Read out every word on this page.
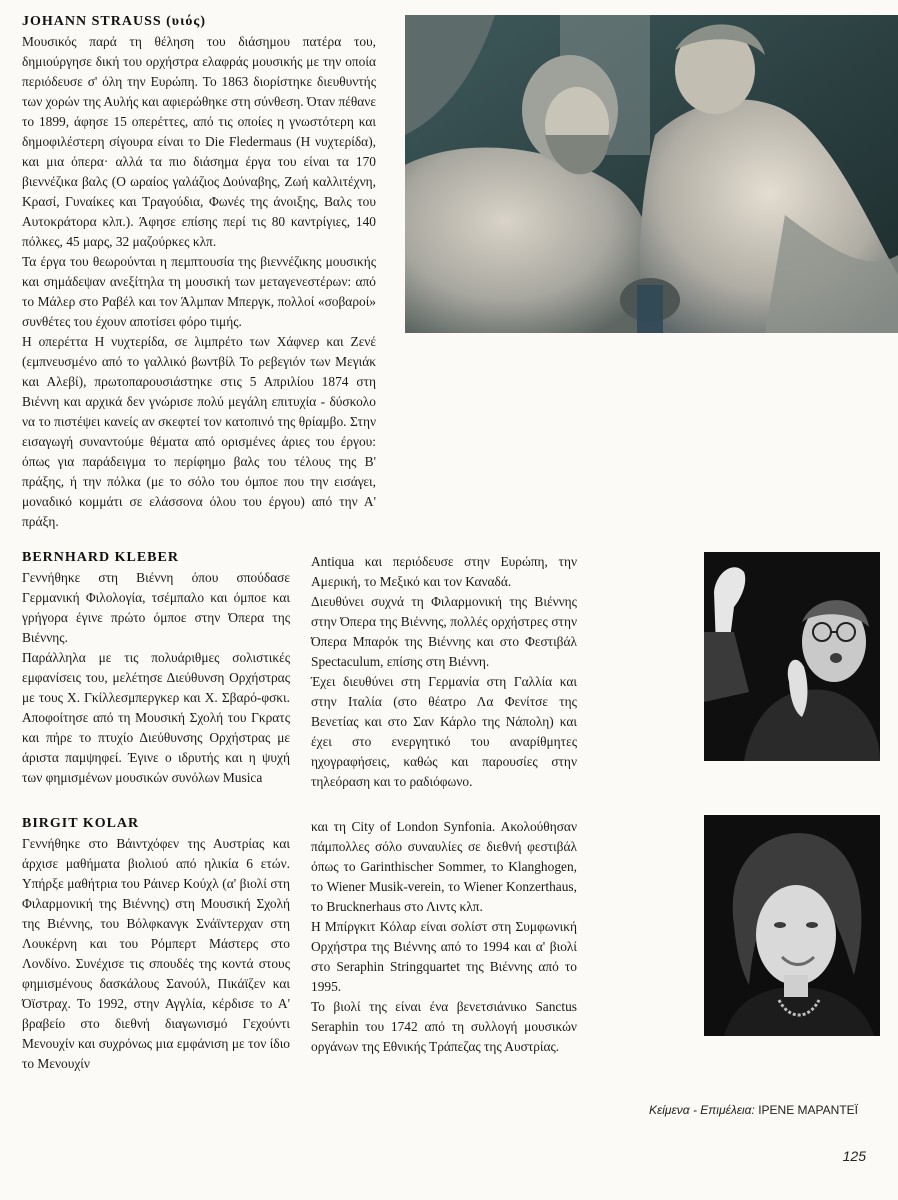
JOHANN STRAUSS (υιός)
Μουσικός παρά τη θέληση του διάσημου πατέρα του, δημιούργησε δική του ορχήστρα ελαφράς μουσικής με την οποία περιόδευσε σ' όλη την Ευρώπη. Το 1863 διορίστηκε διευθυντής των χορών της Αυλής και αφιερώθηκε στη σύνθεση. Όταν πέθανε το 1899, άφησε 15 οπερέττες, από τις οποίες η γνωστότερη και δημοφιλέστερη σίγουρα είναι το Die Fledermaus (Η νυχτερίδα), και μια όπερα· αλλά τα πιο διάσημα έργα του είναι τα 170 βιεννέζικα βαλς (Ο ωραίος γαλάζιος Δούναβης, Ζωή καλλιτέχνη, Κρασί, Γυναίκες και Τραγούδια, Φωνές της άνοιξης, Βαλς του Αυτοκράτορα κλπ.). Άφησε επίσης περί τις 80 καντρίγιες, 140 πόλκες, 45 μαρς, 32 μαζούρκες κλπ.
Τα έργα του θεωρούνται η πεμπτουσία της βιεννέζικης μουσικής και σημάδεψαν ανεξίτηλα τη μουσική των μεταγενεστέρων: από το Μάλερ στο Ραβέλ και τον Άλμπαν Μπεργκ, πολλοί «σοβαροί» συνθέτες του έχουν αποτίσει φόρο τιμής.
Η οπερέττα Η νυχτερίδα, σε λιμπρέτο των Χάφνερ και Ζενέ (εμπνευσμένο από το γαλλικό βωντβίλ Το ρεβεγιόν των Μεγιάκ και Αλεβί), πρωτοπαρουσιάστηκε στις 5 Απριλίου 1874 στη Βιέννη και αρχικά δεν γνώρισε πολύ μεγάλη επιτυχία - δύσκολο να το πιστέψει κανείς αν σκεφτεί τον κατοπινό της θρίαμβο. Στην εισαγωγή συναντούμε θέματα από ορισμένες άριες του έργου: όπως για παράδειγμα το περίφημο βαλς του τέλους της Β' πράξης, ή την πόλκα (με το σόλο του όμποε που την εισάγει, μοναδικό κομμάτι σε ελάσσονα όλου του έργου) από την Α' πράξη.
BERNHARD KLEBER
Γεννήθηκε στη Βιέννη όπου σπούδασε Γερμανική Φιλολογία, τσέμπαλο και όμποε και γρήγορα έγινε πρώτο όμποε στην Όπερα της Βιέννης.
Παράλληλα με τις πολυάριθμες σολιστικές εμφανίσεις του, μελέτησε Διεύθυνση Ορχήστρας με τους Χ. Γκίλλεσμπεργκερ και Χ. Σβαρό-φσκι. Αποφοίτησε από τη Μουσική Σχολή του Γκρατς και πήρε το πτυχίο Διεύθυνσης Ορχήστρας με άριστα παμψηφεί. Έγινε ο ιδρυτής και η ψυχή των φημισμένων μουσικών συνόλων Musica
Antiqua και περιόδευσε στην Ευρώπη, την Αμερική, το Μεξικό και τον Καναδά.
Διευθύνει συχνά τη Φιλαρμονική της Βιέννης στην Όπερα της Βιέννης, πολλές ορχήστρες στην Όπερα Μπαρόκ της Βιέννης και στο Φεστιβάλ Spectaculum, επίσης στη Βιέννη.
Έχει διευθύνει στη Γερμανία στη Γαλλία και στην Ιταλία (στο θέατρο Λα Φενίτσε της Βενετίας και στο Σαν Κάρλο της Νάπολη) και έχει στο ενεργητικό του αναρίθμητες ηχογραφήσεις, καθώς και παρουσίες στην τηλεόραση και το ραδιόφωνο.
BIRGIT KOLAR
Γεννήθηκε στο Βάιντχόφεν της Αυστρίας και άρχισε μαθήματα βιολιού από ηλικία 6 ετών. Υπήρξε μαθήτρια του Ράινερ Κούχλ (α' βιολί στη Φιλαρμονική της Βιέννης) στη Μουσική Σχολή της Βιέννης, του Βόλφκανγκ Σνάϊντερχαν στη Λουκέρνη και του Ρόμπερτ Μάστερς στο Λονδίνο. Συνέχισε τις σπουδές της κοντά στους φημισμένους δασκάλους Σανούλ, Πικάϊζεν και Όϊστραχ. Το 1992, στην Αγγλία, κέρδισε το Α' βραβείο στο διεθνή διαγωνισμό Γεχούντι Μενουχίν και συχρόνως μια εμφάνιση με τον ίδιο το Μενουχίν
και τη City of London Synfonia. Ακολούθησαν πάμπολλες σόλο συναυλίες σε διεθνή φεστιβάλ όπως το Garinthischer Sommer, το Klanghogen, το Wiener Musik-verein, το Wiener Konzerthaus, το Brucknerhaus στο Λιντς κλπ.
Η Μπίργκιτ Κόλαρ είναι σολίστ στη Συμφωνική Ορχήστρα της Βιέννης από το 1994 και α' βιολί στο Seraphin Stringquartet της Βιέννης από το 1995.
Το βιολί της είναι ένα βενετσιάνικο Sanctus Seraphin του 1742 από τη συλλογή μουσικών οργάνων της Εθνικής Τράπεζας της Αυστρίας.
Κείμενα - Επιμέλεια: ΙΡΕΝΕ ΜΑΡΑΝΤΕΪ
125
